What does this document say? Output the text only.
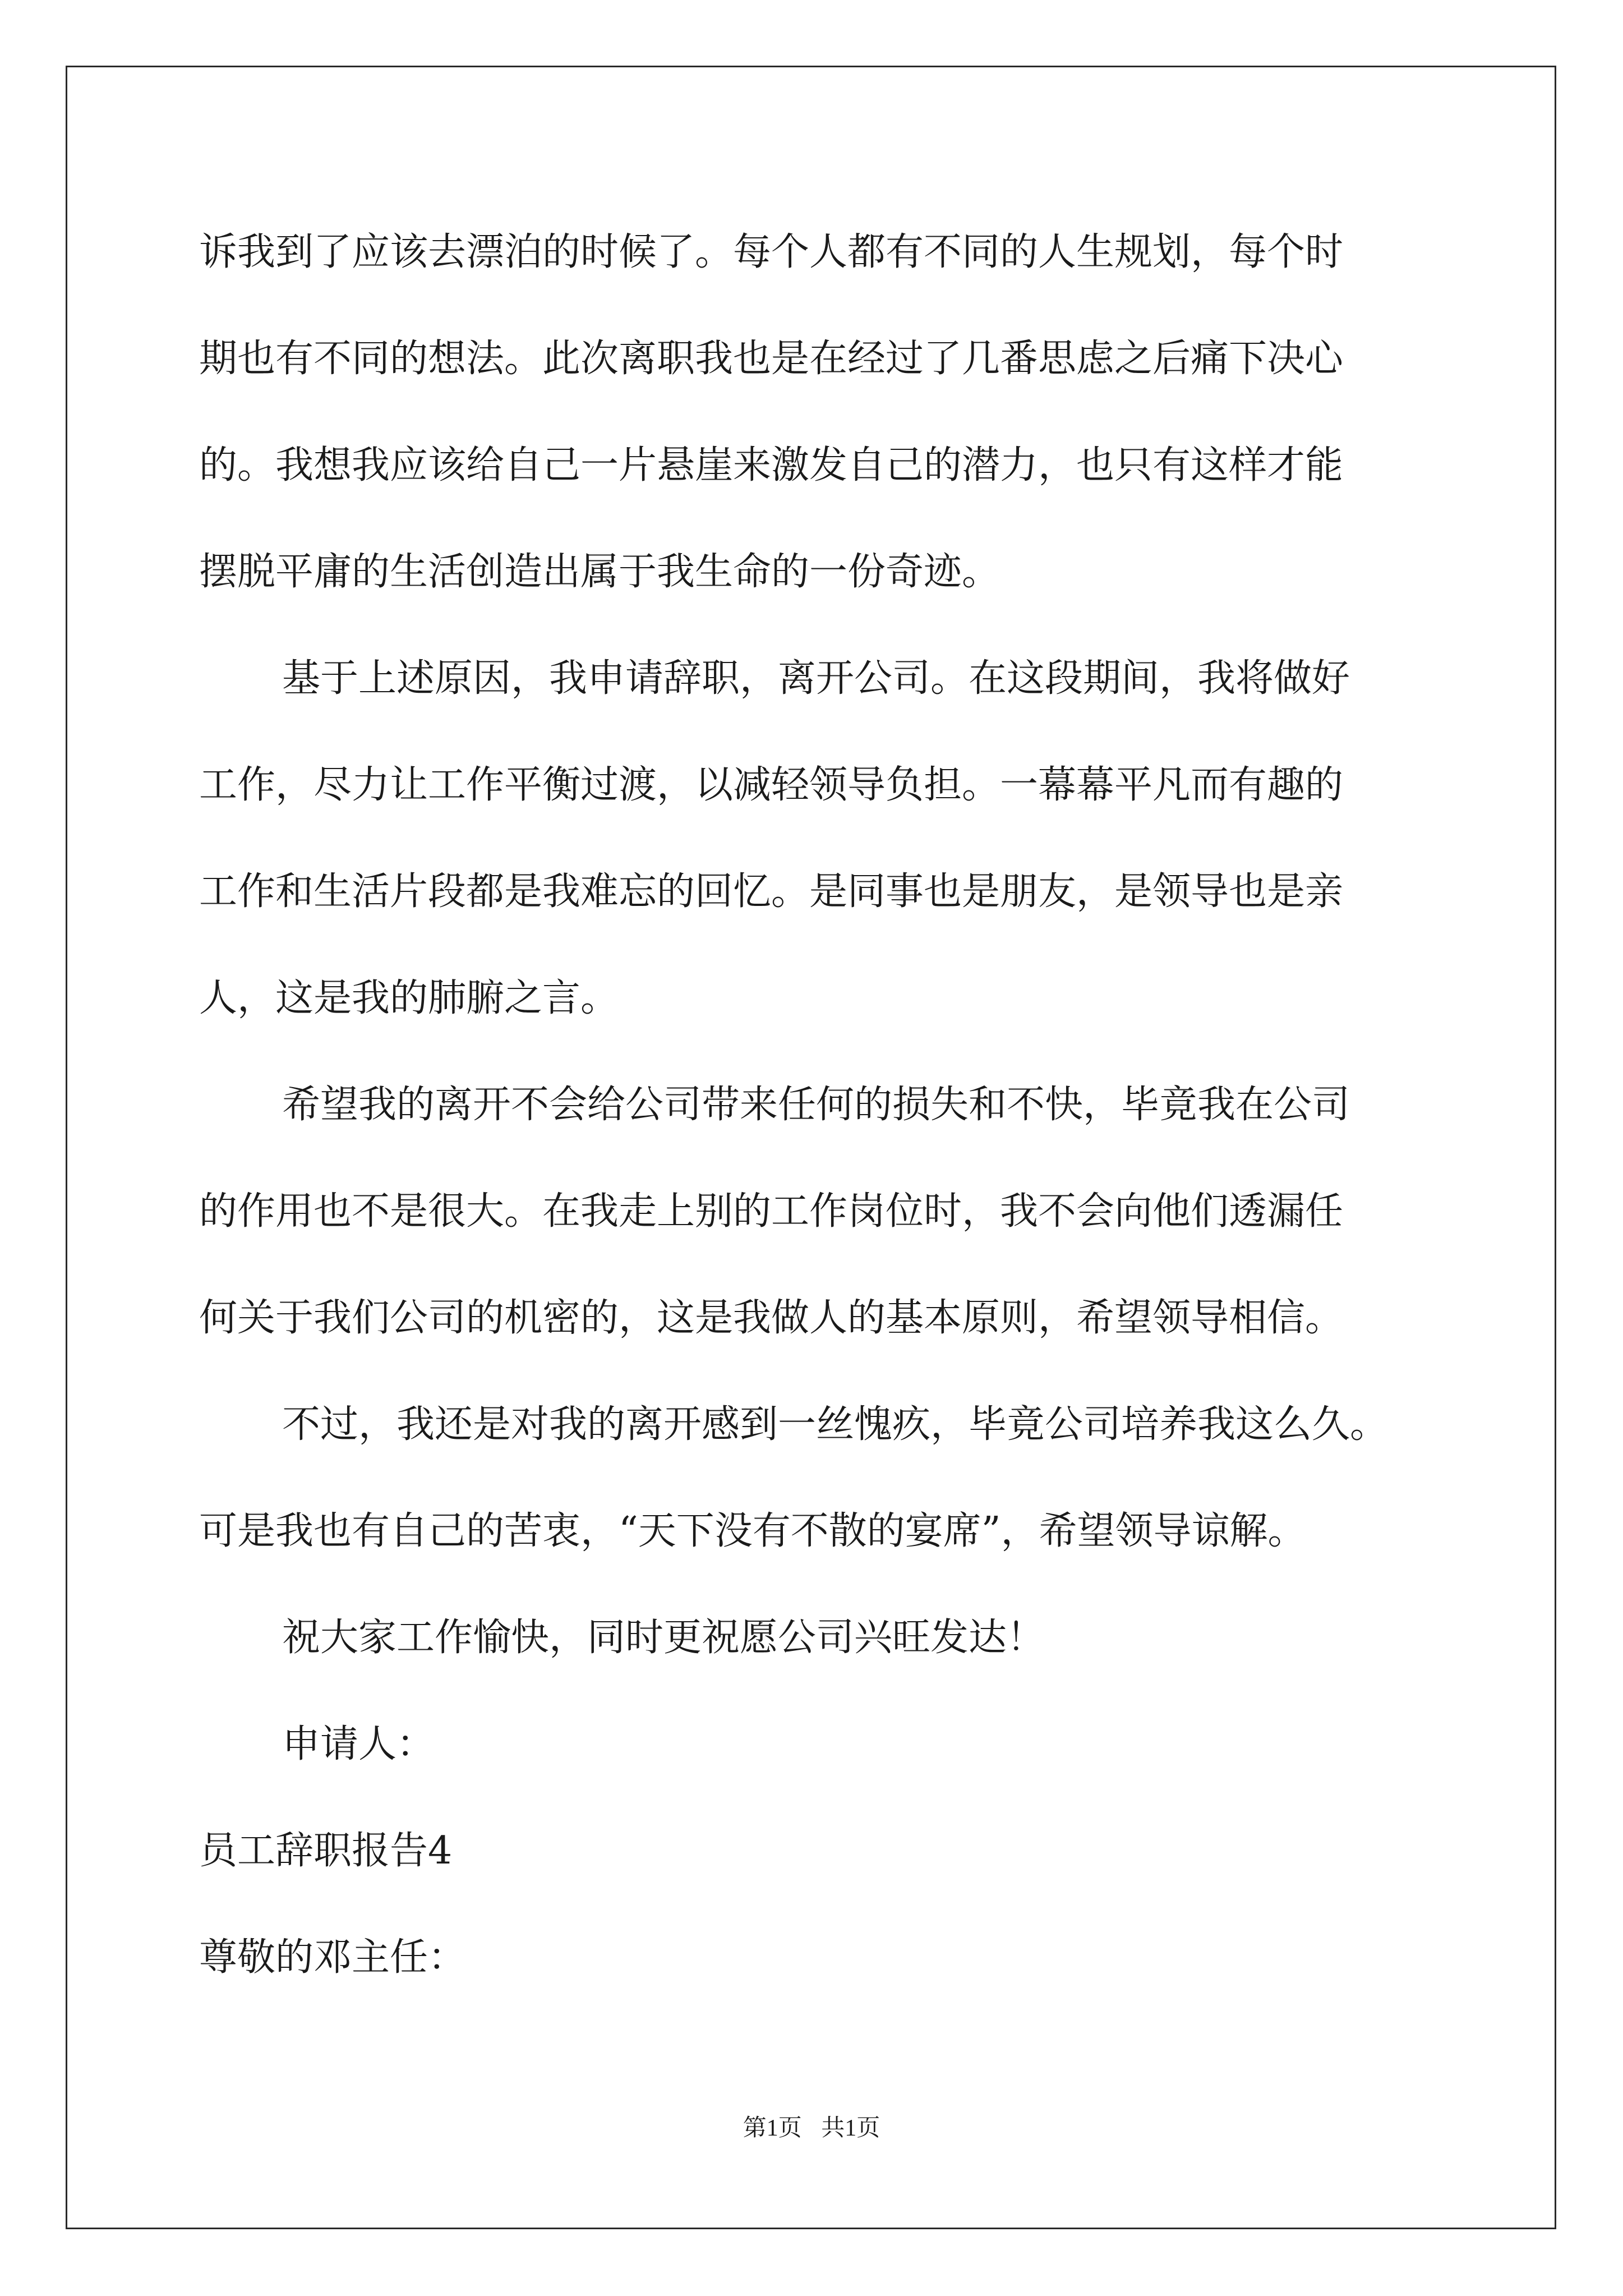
诉我到了应该去漂泊的时候了。每个人都有不同的人生规划，每个时
期也有不同的想法。此次离职我也是在经过了几番思虑之后痛下决心
的。我想我应该给自己一片悬崖来激发自己的潜力，也只有这样才能
摆脱平庸的生活创造出属于我生命的一份奇迹。
基于上述原因，我申请辞职，离开公司。在这段期间，我将做好
工作，尽力让工作平衡过渡，以减轻领导负担。一幕幕平凡而有趣的
工作和生活片段都是我难忘的回忆。是同事也是朋友，是领导也是亲
人，这是我的肺腑之言。
希望我的离开不会给公司带来任何的损失和不快，毕竟我在公司
的作用也不是很大。在我走上别的工作岗位时，我不会向他们透漏任
何关于我们公司的机密的，这是我做人的基本原则，希望领导相信。
不过，我还是对我的离开感到一丝愧疚，毕竟公司培养我这么久。
可是我也有自己的苦衷，“天下没有不散的宴席”，希望领导谅解。
祝大家工作愉快，同时更祝愿公司兴旺发达！
申请人：
员工辞职报告4
尊敬的邓主任：
第1页 共1页
